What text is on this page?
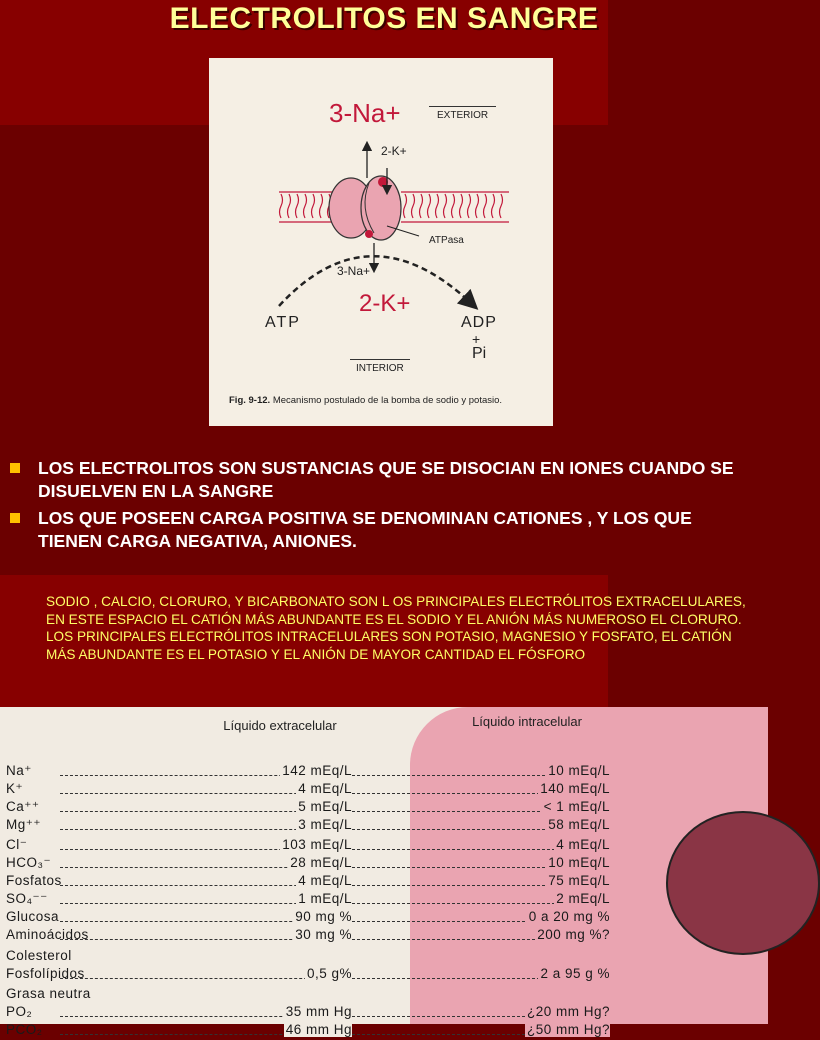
ELECTROLITOS EN SANGRE
EXTERIOR
3-Na+
2-K+
ATPasa
3-Na+
2-K+
ATP	ADP
+
Pi
INTERIOR
Fig. 9-12. Mecanismo postulado de la bomba de sodio y potasio.
LOS ELECTROLITOS SON SUSTANCIAS QUE SE DISOCIAN EN IONES CUANDO SE DISUELVEN EN LA SANGRE
LOS QUE POSEEN CARGA POSITIVA SE DENOMINAN CATIONES , Y LOS QUE TIENEN CARGA NEGATIVA, ANIONES.

SODIO , CALCIO, CLORURO, Y BICARBONATO SON L OS PRINCIPALES ELECTRÓLITOS EXTRACELULARES, EN ESTE ESPACIO EL CATIÓN MÁS ABUNDANTE ES EL SODIO Y EL ANIÓN MÁS NUMEROSO EL CLORURO.

LOS PRINCIPALES ELECTRÓLITOS INTRACELULARES SON POTASIO, MAGNESIO Y FOSFATO, EL CATIÓN MÁS ABUNDANTE ES EL POTASIO Y EL ANIÓN DE MAYOR CANTIDAD EL FÓSFORO

Líquido extracelular	Líquido intracelular
Na⁺	142 mEq/L	10 mEq/L
K⁺	4 mEq/L	140 mEq/L
Ca⁺⁺	5 mEq/L	< 1 mEq/L
Mg⁺⁺	3 mEq/L	58 mEq/L
Cl⁻	103 mEq/L	4 mEq/L
HCO₃⁻	28 mEq/L	10 mEq/L
Fosfatos	4 mEq/L	75 mEq/L
SO₄⁻⁻	1 mEq/L	2 mEq/L
Glucosa	90 mg %	0 a 20 mg %
Aminoácidos	30 mg %	200 mg %?
Colesterol
Fosfolípidos	0,5 g%	2 a 95 g %
Grasa neutra
PO₂	35 mm Hg	¿20 mm Hg?
PCO₂	46 mm Hg	¿50 mm Hg?
